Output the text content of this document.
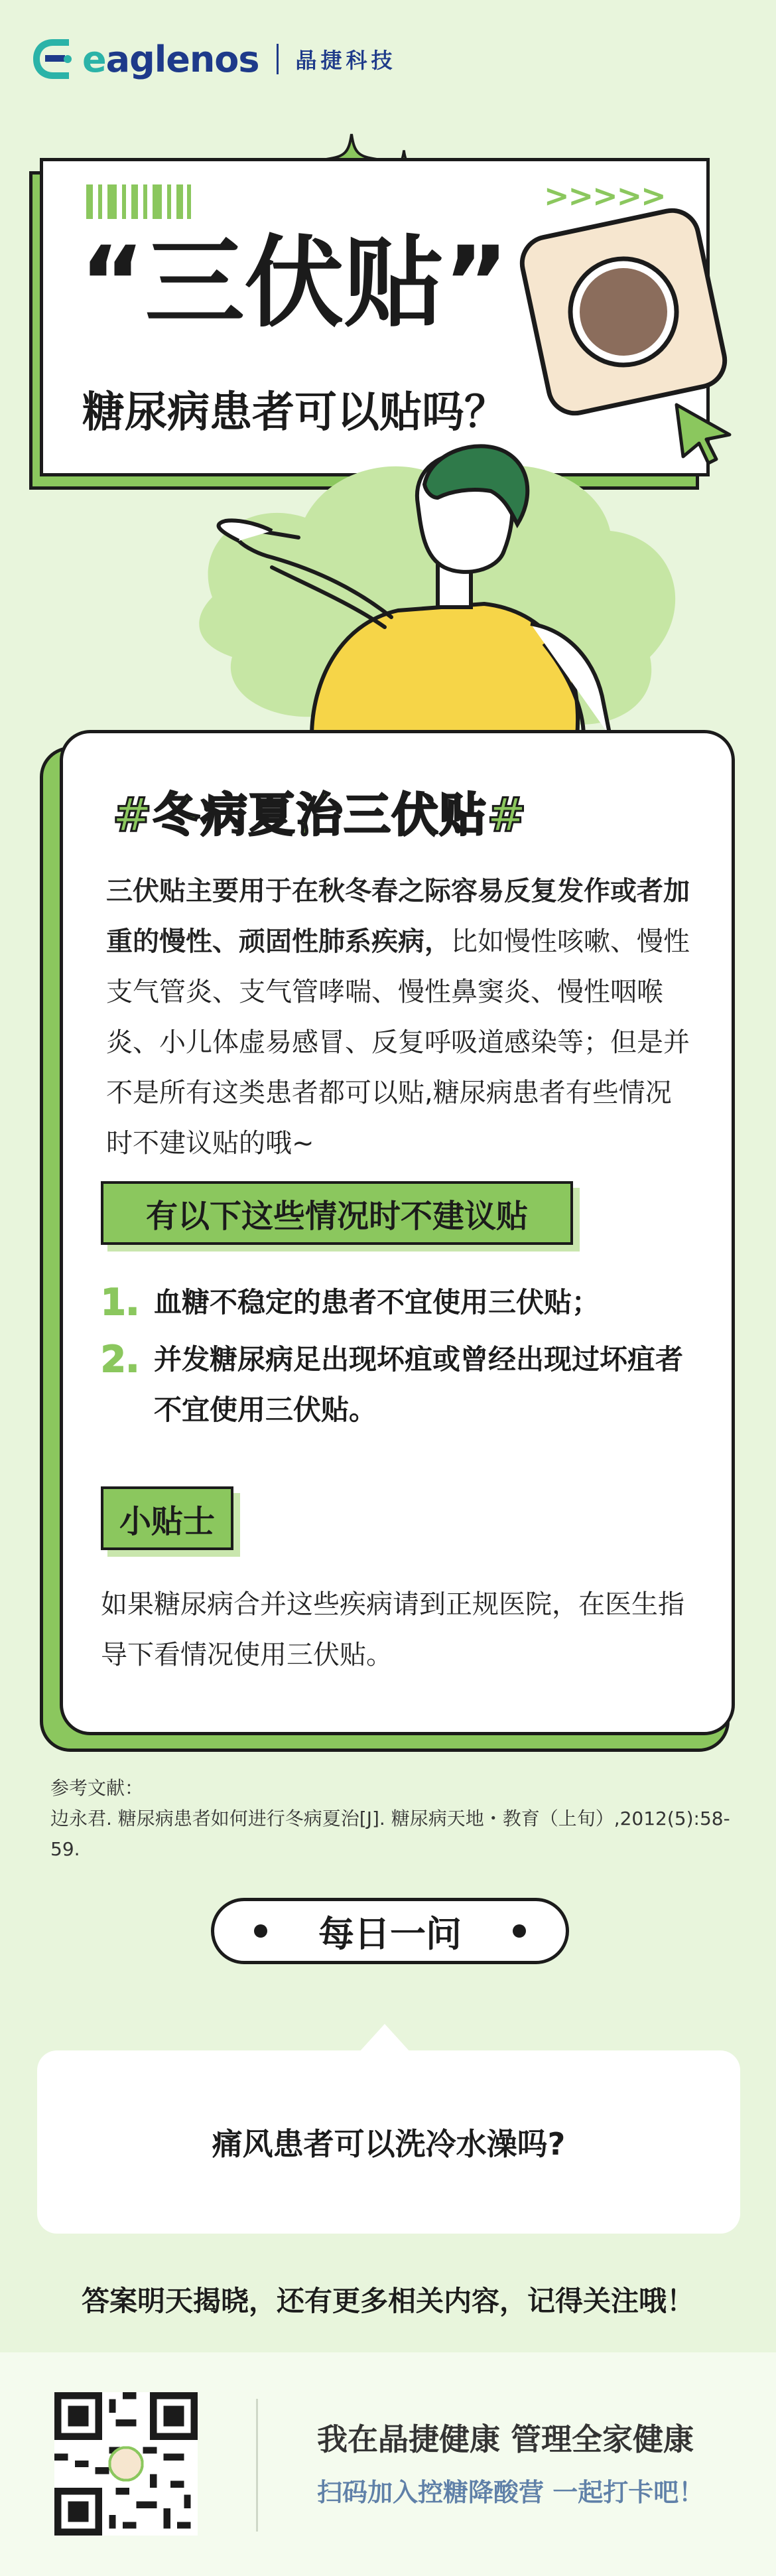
eaglenos 晶捷科技
>>>>>
“三伏贴”
糖尿病患者可以贴吗？
#冬病夏治三伏贴#
三伏贴主要用于在秋冬春之际容易反复发作或者加重的慢性、顽固性肺系疾病，比如慢性咳嗽、慢性支气管炎、支气管哮喘、慢性鼻窦炎、慢性咽喉炎、小儿体虚易感冒、反复呼吸道感染等；但是并不是所有这类患者都可以贴,糖尿病患者有些情况时不建议贴的哦~
有以下这些情况时不建议贴
1. 血糖不稳定的患者不宜使用三伏贴；
2. 并发糖尿病足出现坏疽或曾经出现过坏疽者不宜使用三伏贴。
小贴士
如果糖尿病合并这些疾病请到正规医院，在医生指导下看情况使用三伏贴。
参考文献：
边永君. 糖尿病患者如何进行冬病夏治[J]. 糖尿病天地・教育（上旬）,2012(5):58-59.
每日一问
痛风患者可以洗冷水澡吗?
答案明天揭晓，还有更多相关内容，记得关注哦！
我在晶捷健康 管理全家健康
扫码加入控糖降酸营 一起打卡吧！
